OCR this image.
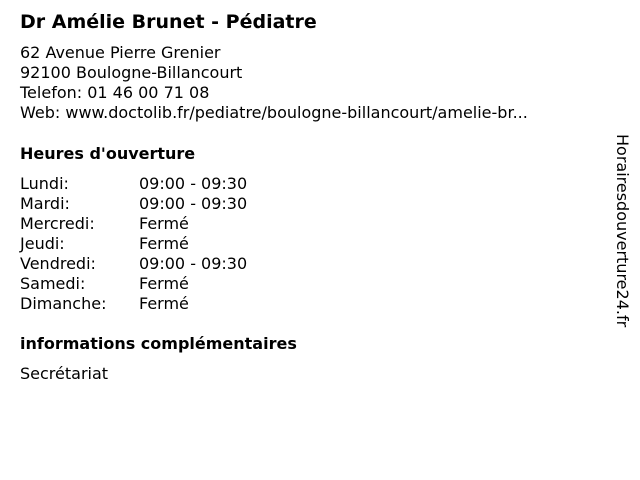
Dr Amélie Brunet - Pédiatre
62 Avenue Pierre Grenier
92100 Boulogne-Billancourt
Telefon: 01 46 00 71 08
Web: www.doctolib.fr/pediatre/boulogne-billancourt/amelie-br...
Heures d'ouverture
Lundi:	09:00 - 09:30
Mardi:	09:00 - 09:30
Mercredi:	Fermé
Jeudi:	Fermé
Vendredi:	09:00 - 09:30
Samedi:	Fermé
Dimanche:	Fermé
informations complémentaires
Secrétariat
Horairesdouverture24.fr
